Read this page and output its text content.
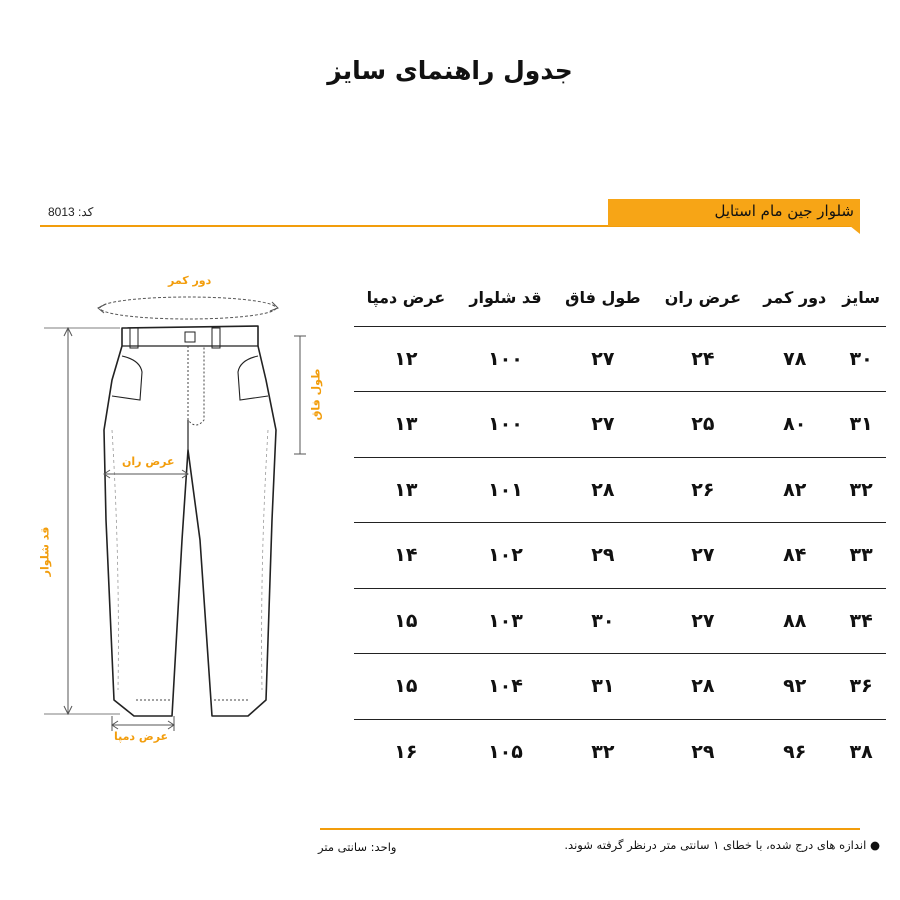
جدول راهنمای سایز
شلوار جین مام استایل
کد: 8013
دور کمر
طول فاق
عرض ران
قد شلوار
عرض دمپا
سایز	دور کمر	عرض ران	طول فاق	قد شلوار	عرض دمپا
۳۰	۷۸	۲۴	۲۷	۱۰۰	۱۲
۳۱	۸۰	۲۵	۲۷	۱۰۰	۱۳
۳۲	۸۲	۲۶	۲۸	۱۰۱	۱۳
۳۳	۸۴	۲۷	۲۹	۱۰۲	۱۴
۳۴	۸۸	۲۷	۳۰	۱۰۳	۱۵
۳۶	۹۲	۲۸	۳۱	۱۰۴	۱۵
۳۸	۹۶	۲۹	۳۲	۱۰۵	۱۶
● اندازه های درج شده، با خطای ۱ سانتی متر درنظر گرفته شوند.
واحد: سانتی متر
